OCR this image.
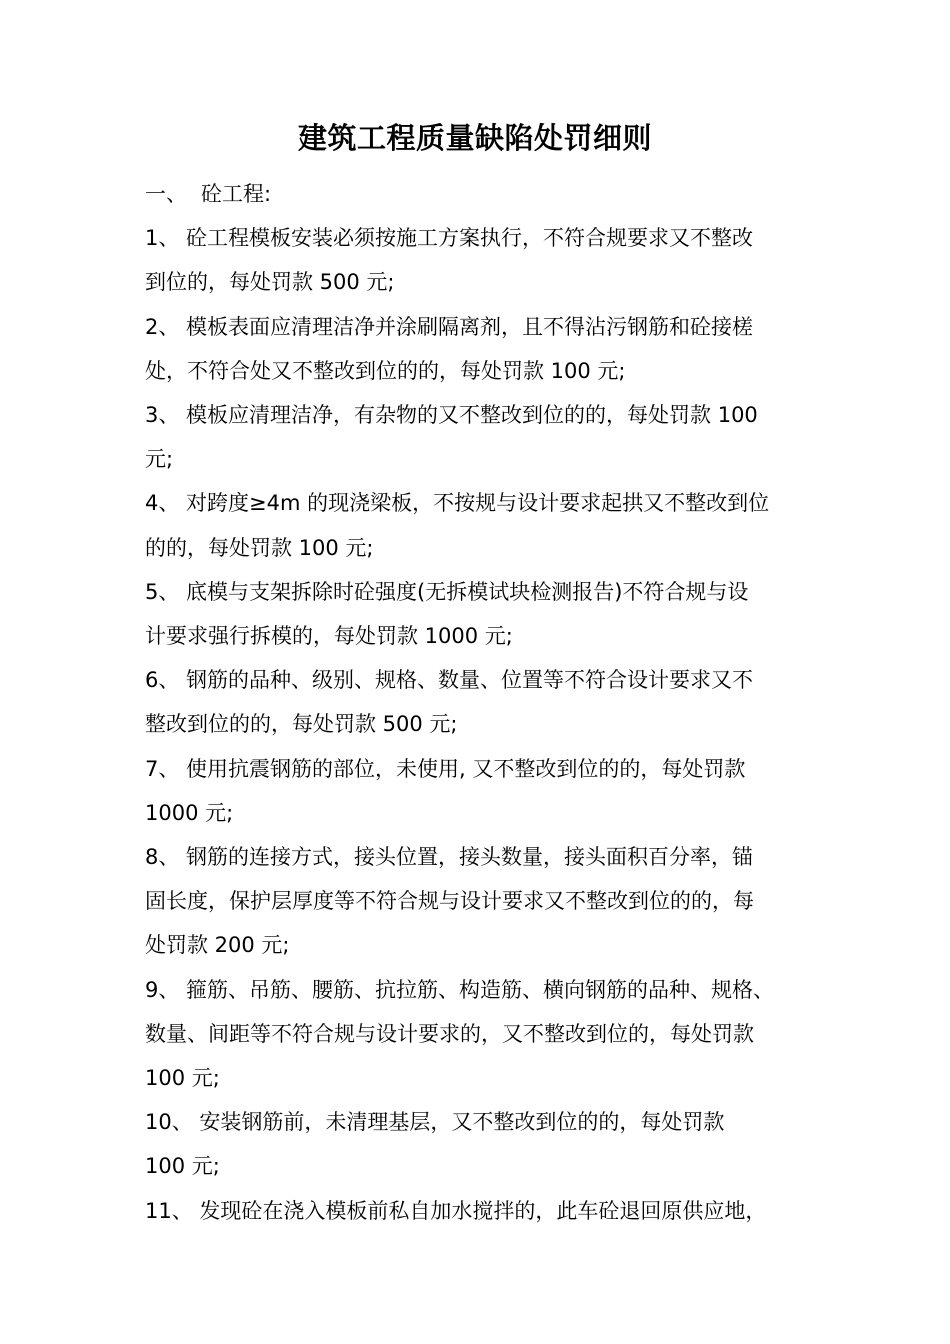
建筑工程质量缺陷处罚细则

一、 砼工程:

1、 砼工程模板安装必须按施工方案执行，不符合规要求又不整改
到位的，每处罚款 500 元;

2、 模板表面应清理洁净并涂刷隔离剂，且不得沾污钢筋和砼接槎
处，不符合处又不整改到位的的，每处罚款 100 元;

3、 模板应清理洁净，有杂物的又不整改到位的的，每处罚款 100
元;

4、 对跨度≥4m 的现浇梁板，不按规与设计要求起拱又不整改到位
的的，每处罚款 100 元;

5、 底模与支架拆除时砼强度(无拆模试块检测报告)不符合规与设
计要求强行拆模的，每处罚款 1000 元;

6、 钢筋的品种、级别、规格、数量、位置等不符合设计要求又不
整改到位的的，每处罚款 500 元;

7、 使用抗震钢筋的部位，未使用, 又不整改到位的的，每处罚款
1000 元;

8、 钢筋的连接方式，接头位置，接头数量，接头面积百分率，锚
固长度，保护层厚度等不符合规与设计要求又不整改到位的的，每
处罚款 200 元;

9、 箍筋、吊筋、腰筋、抗拉筋、构造筋、横向钢筋的品种、规格、
数量、间距等不符合规与设计要求的，又不整改到位的，每处罚款
100 元;

10、 安装钢筋前，未清理基层，又不整改到位的的，每处罚款
100 元;

11、 发现砼在浇入模板前私自加水搅拌的，此车砼退回原供应地，
